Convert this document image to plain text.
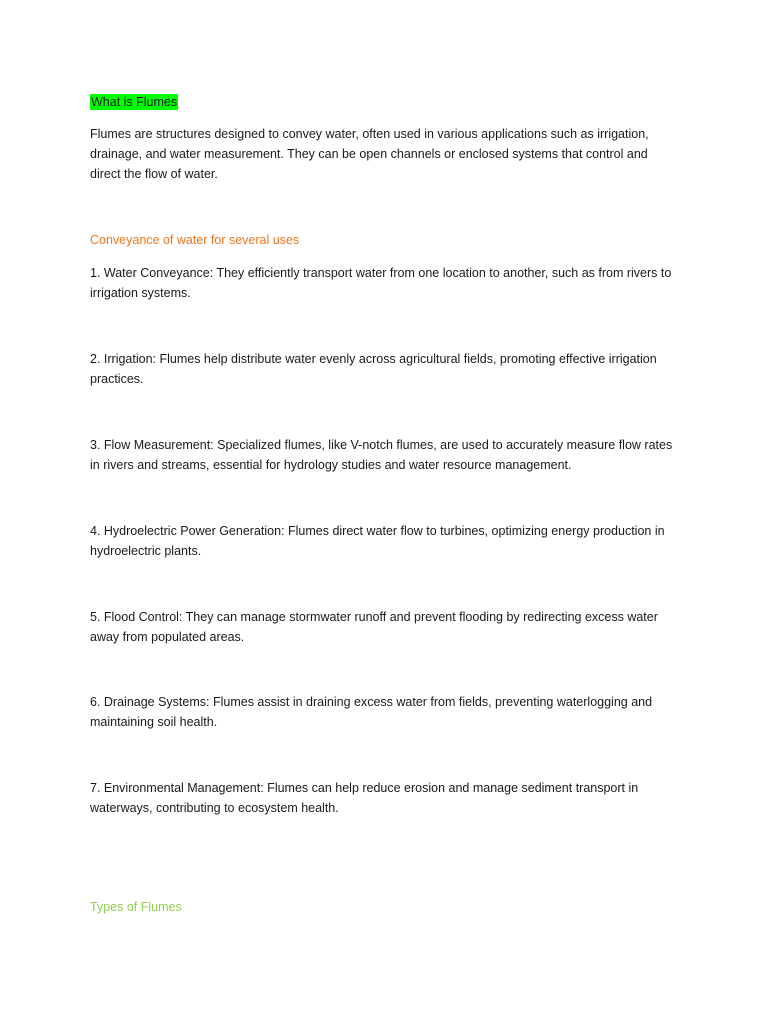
What is Flumes

Flumes are structures designed to convey water, often used in various applications such as irrigation, drainage, and water measurement. They can be open channels or enclosed systems that control and direct the flow of water.

Conveyance of water for several uses

1. Water Conveyance: They efficiently transport water from one location to another, such as from rivers to irrigation systems.

2. Irrigation: Flumes help distribute water evenly across agricultural fields, promoting effective irrigation practices.

3. Flow Measurement: Specialized flumes, like V-notch flumes, are used to accurately measure flow rates in rivers and streams, essential for hydrology studies and water resource management.

4. Hydroelectric Power Generation: Flumes direct water flow to turbines, optimizing energy production in hydroelectric plants.

5. Flood Control: They can manage stormwater runoff and prevent flooding by redirecting excess water away from populated areas.

6. Drainage Systems: Flumes assist in draining excess water from fields, preventing waterlogging and maintaining soil health.

7. Environmental Management: Flumes can help reduce erosion and manage sediment transport in waterways, contributing to ecosystem health.

Types of Flumes
